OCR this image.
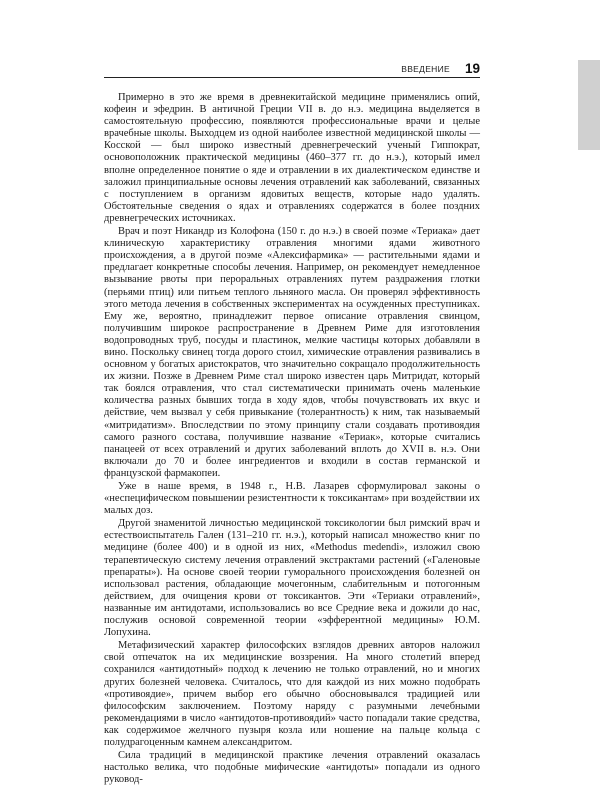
ВВЕДЕНИЕ 19

Примерно в это же время в древнекитайской медицине применялись опий, кофеин и эфедрин. В античной Греции VII в. до н.э. медицина выделяется в самостоятельную профессию, появляются профессиональные врачи и целые врачебные школы. Выходцем из одной наиболее известной медицинской школы — Косской — был широко известный древнегреческий ученый Гиппократ, основоположник практической медицины (460–377 гг. до н.э.), который имел вполне определенное понятие о яде и отравлении в их диалектическом единстве и заложил принципиальные основы лечения отравлений как заболеваний, связанных с поступлением в организм ядовитых веществ, которые надо удалять. Обстоятельные сведения о ядах и отравлениях содержатся в более поздних древнегреческих источниках.

Врач и поэт Никандр из Колофона (150 г. до н.э.) в своей поэме «Териака» дает клиническую характеристику отравления многими ядами животного происхождения, а в другой поэме «Алексифармика» — растительными ядами и предлагает конкретные способы лечения. Например, он рекомендует немедленное вызывание рвоты при пероральных отравлениях путем раздражения глотки (перьями птиц) или питьем теплого льняного масла. Он проверял эффективность этого метода лечения в собственных экспериментах на осужденных преступниках. Ему же, вероятно, принадлежит первое описание отравления свинцом, получившим широкое распространение в Древнем Риме для изготовления водопроводных труб, посуды и пластинок, мелкие частицы которых добавляли в вино. Поскольку свинец тогда дорого стоил, химические отравления развивались в основном у богатых аристократов, что значительно сокращало продолжительность их жизни. Позже в Древнем Риме стал широко известен царь Митридат, который так боялся отравления, что стал систематически принимать очень маленькие количества разных бывших тогда в ходу ядов, чтобы почувствовать их вкус и действие, чем вызвал у себя привыкание (толерантность) к ним, так называемый «митридатизм». Впоследствии по этому принципу стали создавать противоядия самого разного состава, получившие название «Териак», которые считались панацеей от всех отравлений и других заболеваний вплоть до XVII в. н.э. Они включали до 70 и более ингредиентов и входили в состав германской и французской фармакопеи.

Уже в наше время, в 1948 г., Н.В. Лазарев сформулировал законы о «неспецифическом повышении резистентности к токсикантам» при воздействии их малых доз.

Другой знаменитой личностью медицинской токсикологии был римский врач и естествоиспытатель Гален (131–210 гг. н.э.), который написал множество книг по медицине (более 400) и в одной из них, «Methodus medendi», изложил свою терапевтическую систему лечения отравлений экстрактами растений («Галеновые препараты»). На основе своей теории гуморального происхождения болезней он использовал растения, обладающие мочегонным, слабительным и потогонным действием, для очищения крови от токсикантов. Эти «Териаки отравлений», названные им антидотами, использовались во все Средние века и дожили до нас, послужив основой современной теории «эфферентной медицины» Ю.М. Лопухина.

Метафизический характер философских взглядов древних авторов наложил свой отпечаток на их медицинские воззрения. На много столетий вперед сохранился «антидотный» подход к лечению не только отравлений, но и многих других болезней человека. Считалось, что для каждой из них можно подобрать «противоядие», причем выбор его обычно обосновывался традицией или философским заключением. Поэтому наряду с разумными лечебными рекомендациями в число «антидотов-противоядий» часто попадали такие средства, как содержимое желчного пузыря козла или ношение на пальце кольца с полудрагоценным камнем александритом.

Сила традиций в медицинской практике лечения отравлений оказалась настолько велика, что подобные мифические «антидоты» попадали из одного руковод-
